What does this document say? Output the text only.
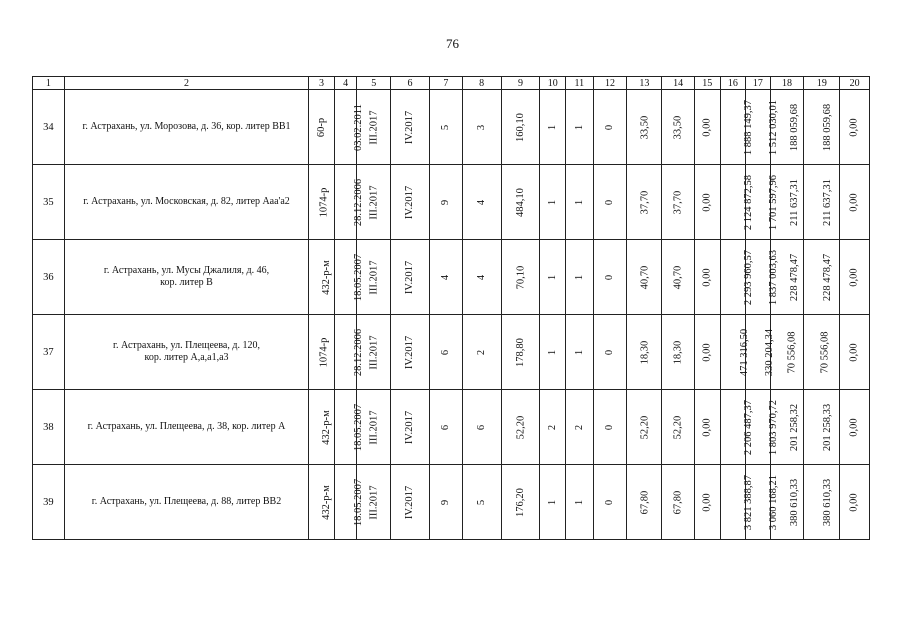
76
1	2	3	4	5	6	7	8	9	10	11	12	13	14	15	16	17	18	19	20
34	г. Астрахань, ул. Морозова, д. 36, кор. литер ВВ1	60-р	03.02.2011	III.2017	IV.2017	5	3	160,10	1	1	0	33,50	33,50	0,00	1 888 149,37	1 512 030,01	188 059,68	188 059,68	0,00
35	г. Астрахань, ул. Московская, д. 82, литер Ааа'а2	1074-р	28.12.2006	III.2017	IV.2017	9	4	484,10	1	1	0	37,70	37,70	0,00	2 124 872,58	1 701 597,96	211 637,31	211 637,31	0,00
36	г. Астрахань, ул. Мусы Джалиля, д. 46,
кор. литер В	432-р-м	18.05.2007	III.2017	IV.2017	4	4	70,10	1	1	0	40,70	40,70	0,00	2 293 960,57	1 837 003,63	228 478,47	228 478,47	0,00
37	г. Астрахань, ул. Плещеева, д. 120,
кор. литер А,а,а1,а3	1074-р	28.12.2006	III.2017	IV.2017	6	2	178,80	1	1	0	18,30	18,30	0,00	471 316,50	330 204,34	70 556,08	70 556,08	0,00
38	г. Астрахань, ул. Плещеева, д. 38, кор. литер А	432-р-м	18.05.2007	III.2017	IV.2017	6	6	52,20	2	2	0	52,20	52,20	0,00	2 206 487,37	1 803 970,72	201 258,32	201 258,33	0,00
39	г. Астрахань, ул. Плещеева, д. 88, литер ВВ2	432-р-м	18.05.2007	III.2017	IV.2017	9	5	176,20	1	1	0	67,80	67,80	0,00	3 821 388,87	3 060 168,21	380 610,33	380 610,33	0,00
